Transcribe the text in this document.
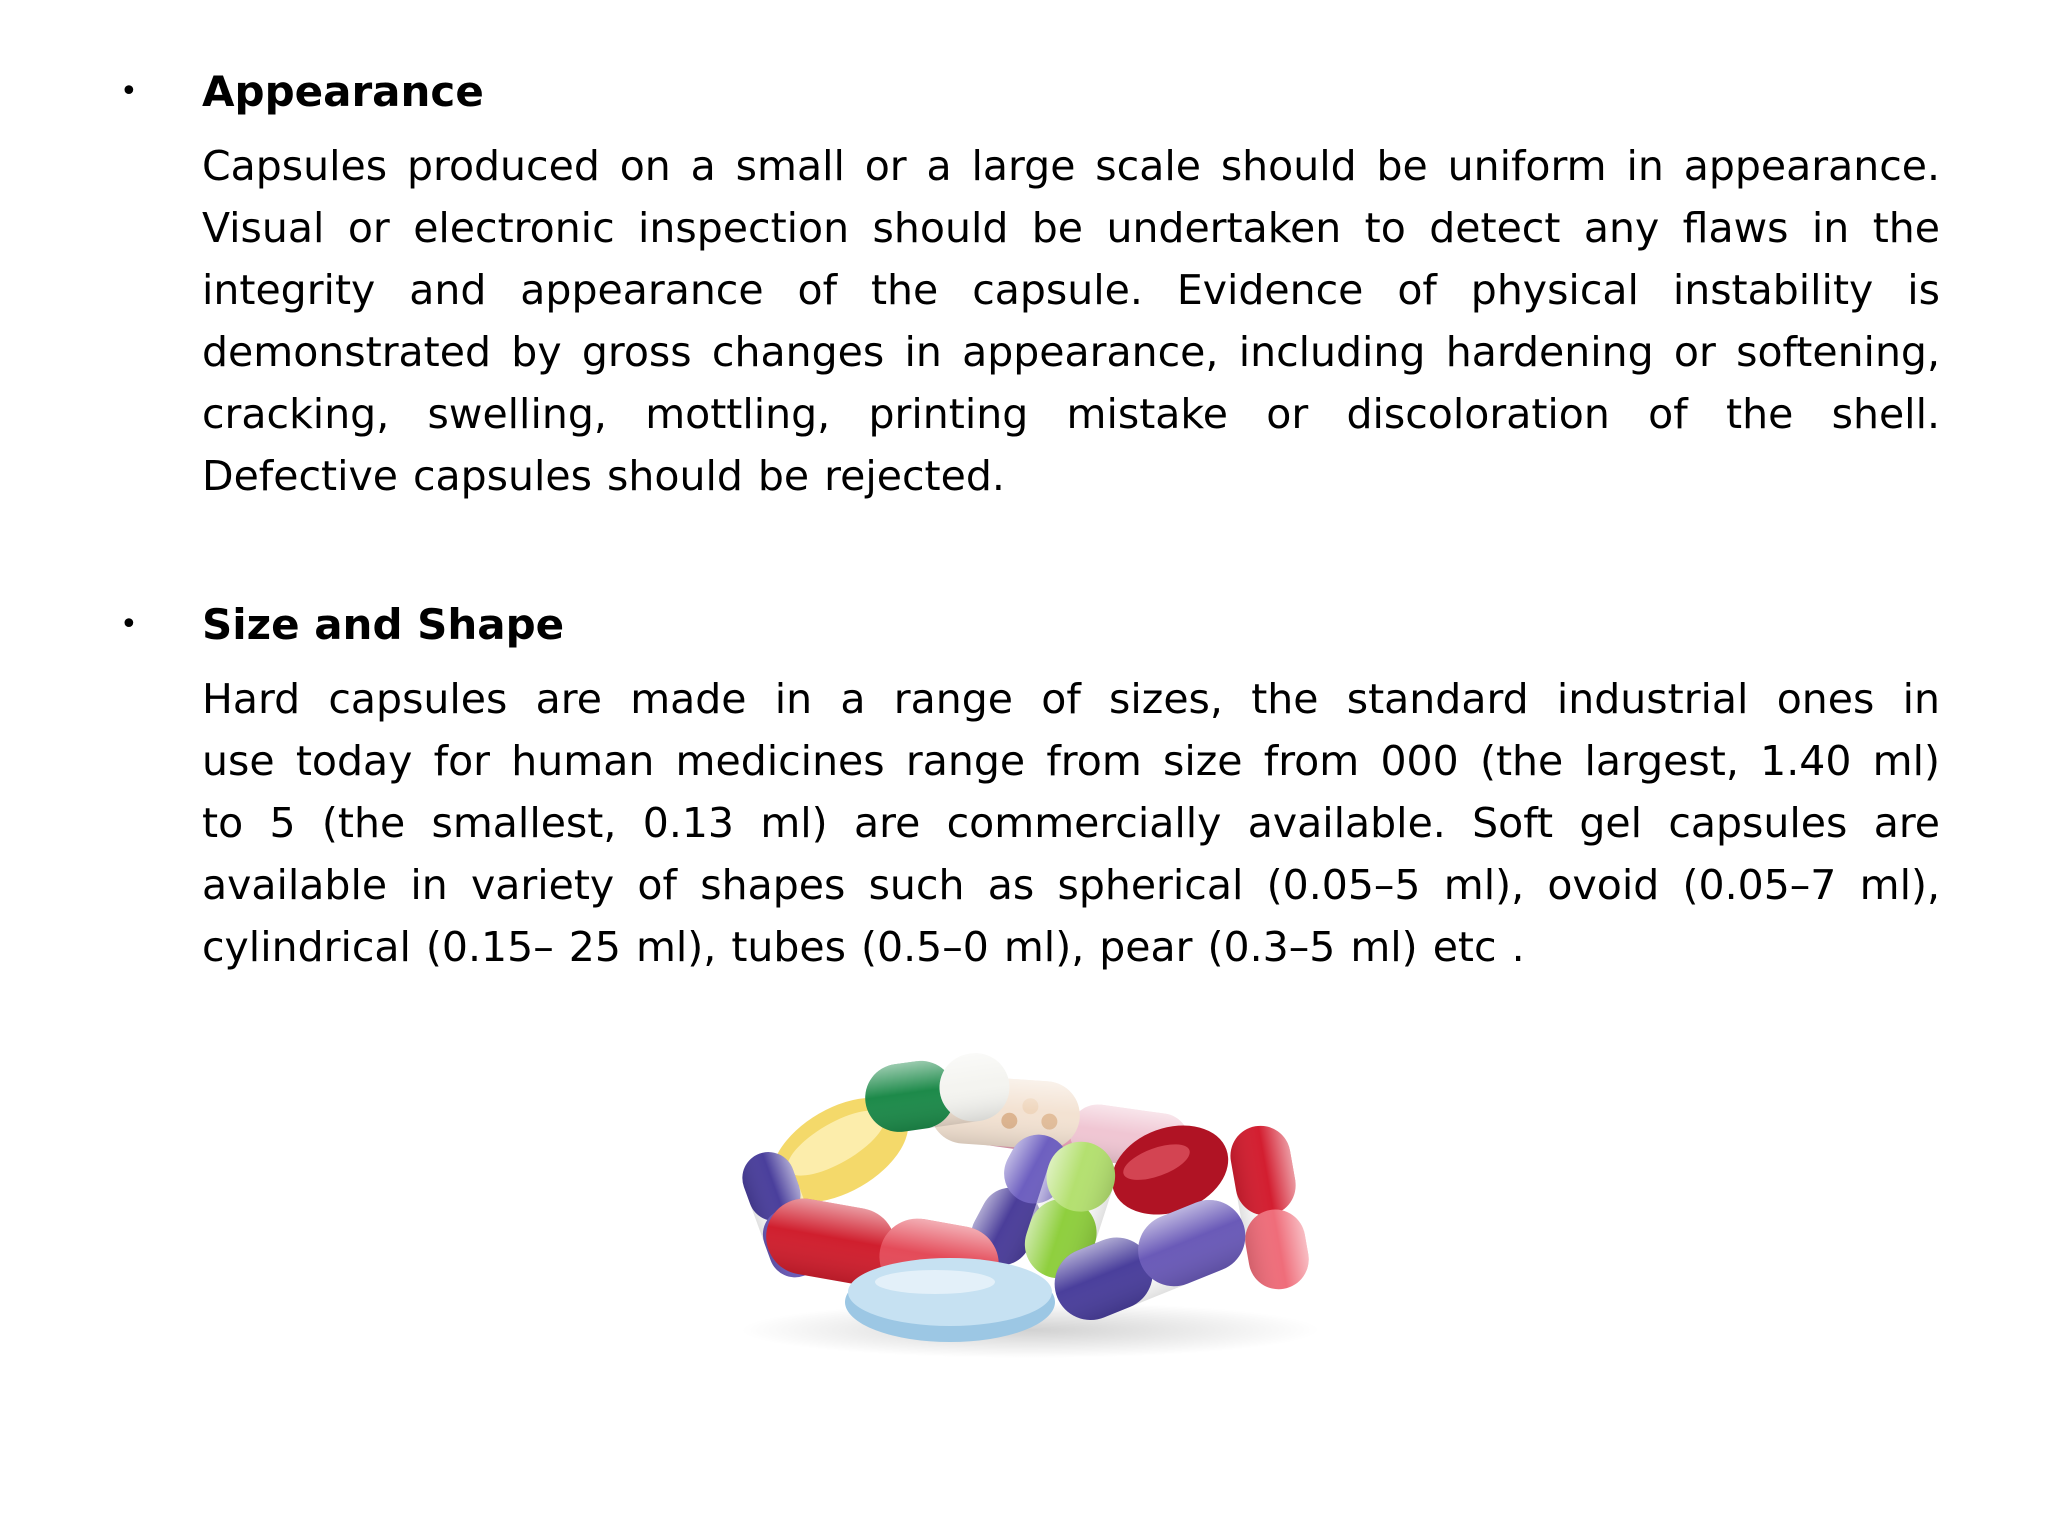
• Appearance
Capsules produced on a small or a large scale should be uniform in appearance.
Visual or electronic inspection should be undertaken to detect any flaws in the
integrity and appearance of the capsule. Evidence of physical instability is
demonstrated by gross changes in appearance, including hardening or softening,
cracking, swelling, mottling, printing mistake or discoloration of the shell.
Defective capsules should be rejected.
• Size and Shape
Hard capsules are made in a range of sizes, the standard industrial ones in
use today for human medicines range from size from 000 (the largest, 1.40 ml)
to 5 (the smallest, 0.13 ml) are commercially available. Soft gel capsules are
available in variety of shapes such as spherical (0.05–5 ml), ovoid (0.05–7 ml),
cylindrical (0.15– 25 ml), tubes (0.5–0 ml), pear (0.3–5 ml) etc .
